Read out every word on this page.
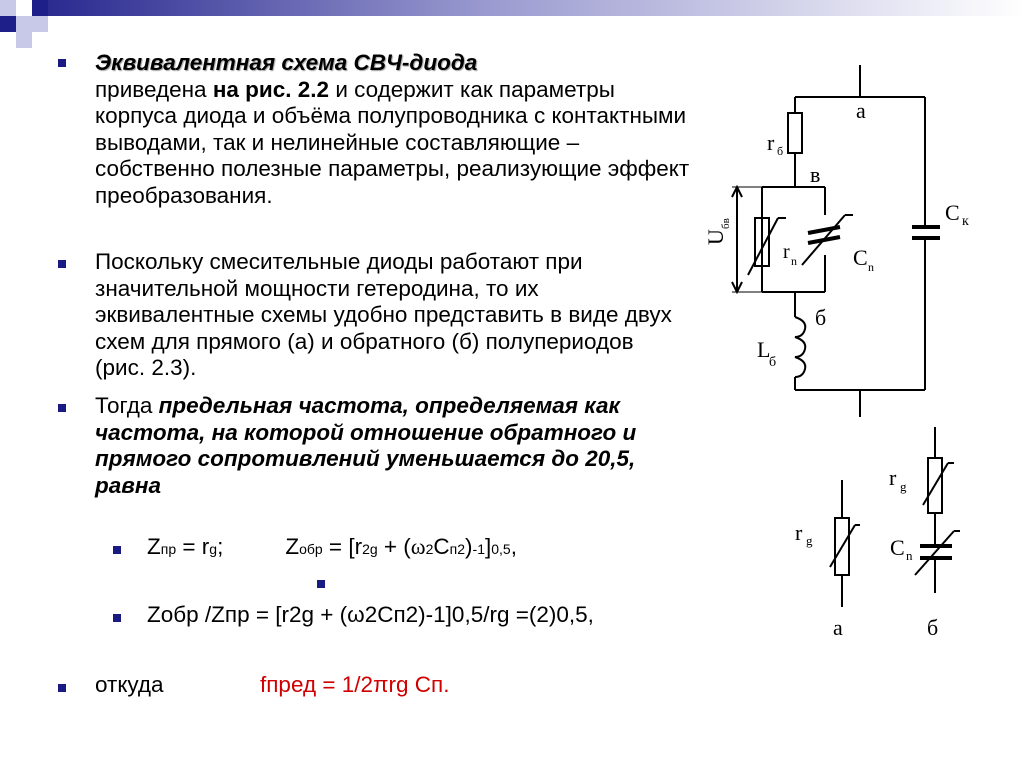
Эквивалентная схема СВЧ-диода
приведена на рис. 2.2 и содержит как параметры корпуса диода и объёма полупроводника с контактными выводами, так и нелинейные составляющие – собственно полезные параметры, реализующие эффект преобразования.
Поскольку смесительные диоды работают при значительной мощности гетеродина, то их эквивалентные схемы удобно представить в виде двух схем для прямого (а) и обратного (б) полупериодов (рис. 2.3).
Тогда предельная частота, определяемая как частота, на которой отношение обратного и прямого сопротивлений уменьшается до 20,5, равна
Zпр = rg;	Zобр = [r2g + (ω2Cп2)-1]0,5,
Zобр /Zпр = [r2g + (ω2Cп2)-1]0,5/rg =(2)0,5,
откуда	fпред = 1/2πrg Cп.
а
в
б
r б
r n	C n
C к
L
б
U
бв
r g
r g
C n
а	б
